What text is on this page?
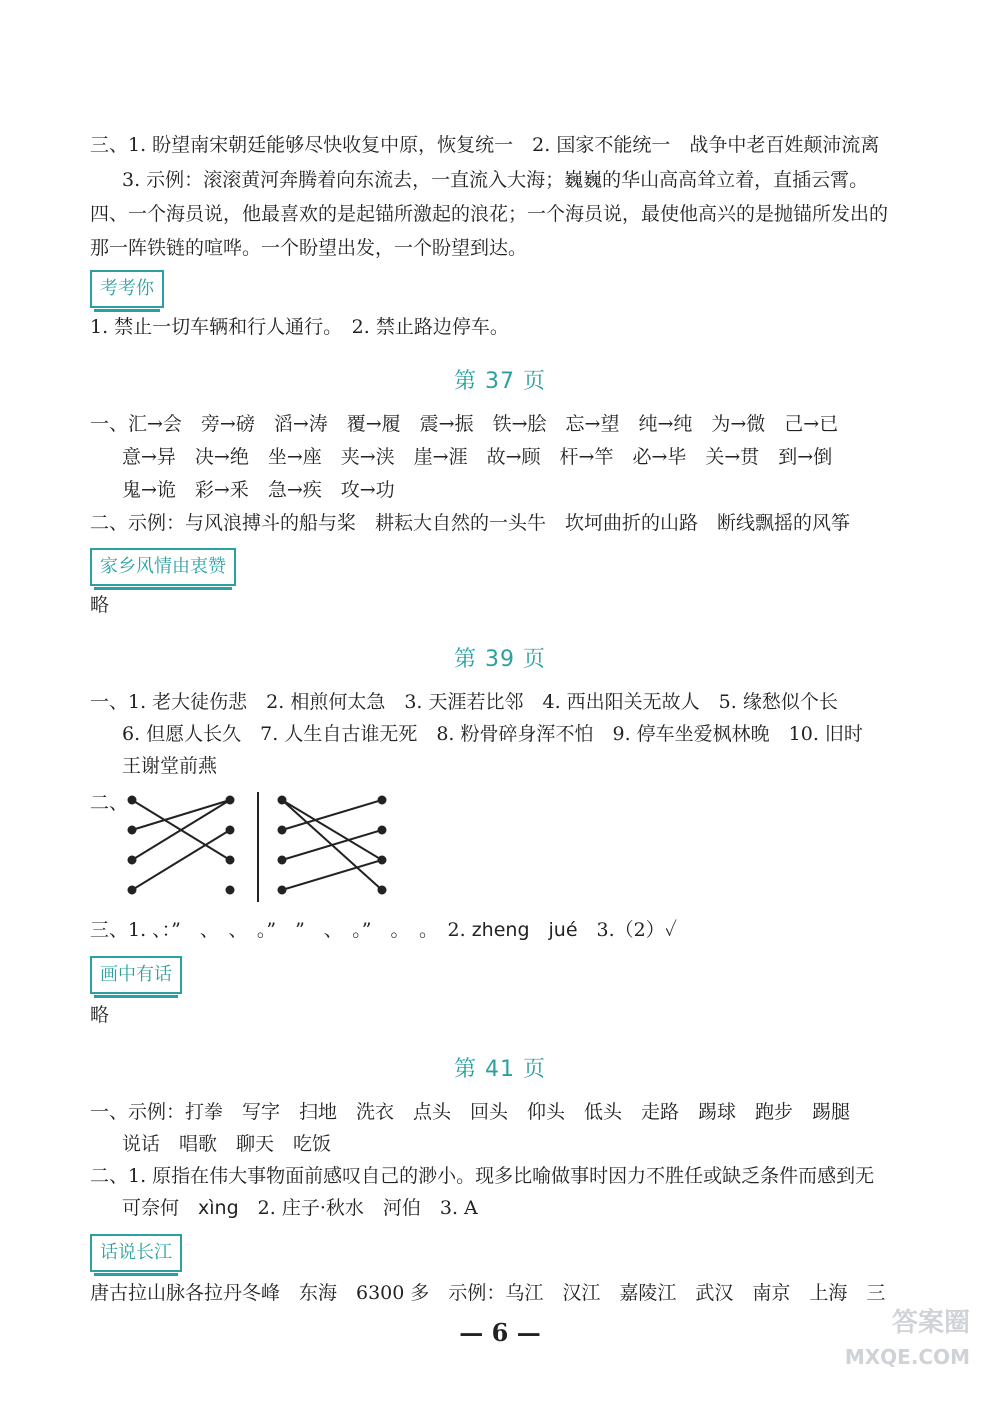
三、1. 盼望南宋朝廷能够尽快收复中原，恢复统一　2. 国家不能统一　战争中老百姓颠沛流离
3. 示例：滚滚黄河奔腾着向东流去，一直流入大海；巍巍的华山高高耸立着，直插云霄。
四、一个海员说，他最喜欢的是起锚所激起的浪花；一个海员说，最使他高兴的是抛锚所发出的
那一阵铁链的喧哗。一个盼望出发，一个盼望到达。
考考你
1. 禁止一切车辆和行人通行。　2. 禁止路边停车。
第 37 页
一、汇→会　旁→磅　滔→涛　覆→履　震→振　铁→脍　忘→望　纯→纯　为→微　己→已
意→异　决→绝　坐→座　夹→浃　崖→涯　故→顾　杆→竿　必→毕　关→贯　到→倒
鬼→诡　彩→釆　急→疾　攻→功
二、示例：与风浪搏斗的船与桨　耕耘大自然的一头牛　坎坷曲折的山路　断线飘摇的风筝
家乡风情由衷赞
略
第 39 页
一、1. 老大徒伤悲　2. 相煎何太急　3. 天涯若比邻　4. 西出阳关无故人　5. 缘愁似个长
6. 但愿人长久　7. 人生自古谁无死　8. 粉骨碎身浑不怕　9. 停车坐爱枫林晚　10. 旧时
王谢堂前燕
二、
三、1. 、：”　、　、　。”　”　、　。”　。　。　2. zheng　jué　3.（2）✓
画中有话
略
第 41 页
一、示例：打拳　写字　扫地　洗衣　点头　回头　仰头　低头　走路　踢球　跑步　踢腿
说话　唱歌　聊天　吃饭
二、1. 原指在伟大事物面前感叹自己的渺小。现多比喻做事时因力不胜任或缺乏条件而感到无
可奈何　xìng　2. 庄子·秋水　河伯　3. A
话说长江
唐古拉山脉各拉丹冬峰　东海　6300 多　示例：乌江　汉江　嘉陵江　武汉　南京　上海　三
— 6 —	答案圈
MXQE.COM
